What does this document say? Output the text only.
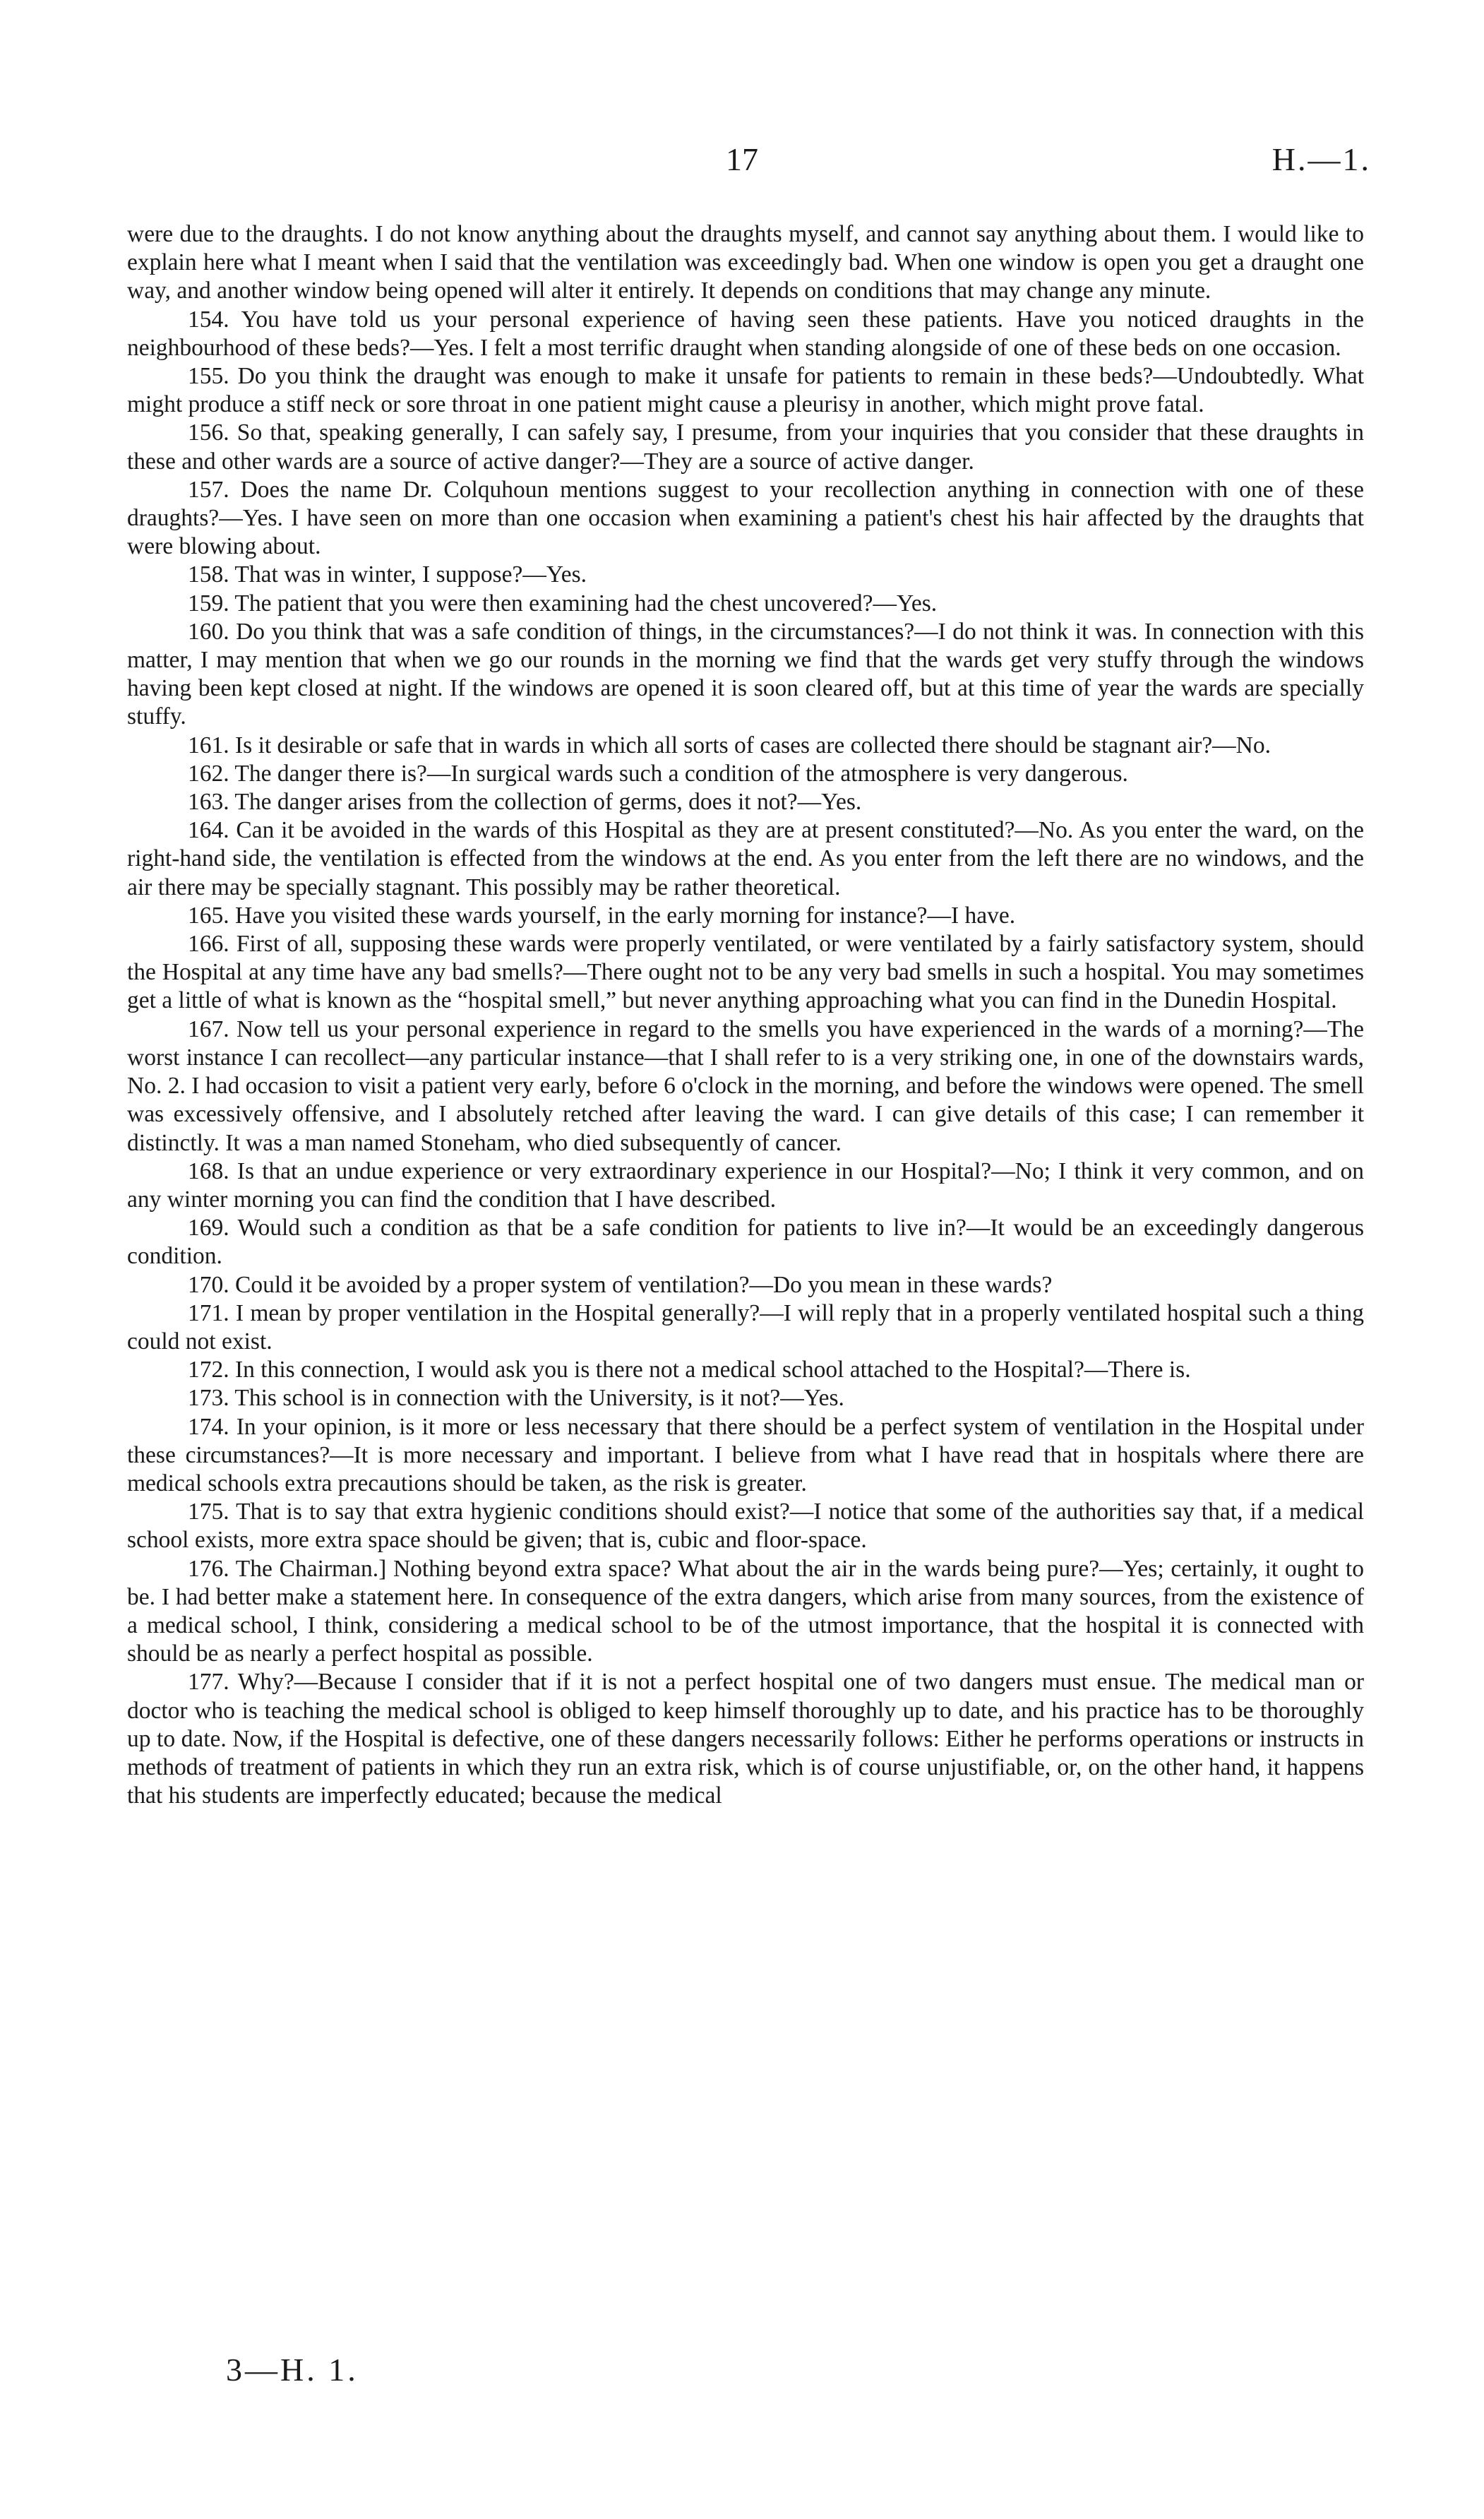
17	H.—1.

were due to the draughts. I do not know anything about the draughts myself, and cannot say anything about them. I would like to explain here what I meant when I said that the ventilation was exceedingly bad. When one window is open you get a draught one way, and another window being opened will alter it entirely. It depends on conditions that may change any minute.

154. You have told us your personal experience of having seen these patients. Have you noticed draughts in the neighbourhood of these beds?—Yes. I felt a most terrific draught when standing alongside of one of these beds on one occasion.

155. Do you think the draught was enough to make it unsafe for patients to remain in these beds?—Undoubtedly. What might produce a stiff neck or sore throat in one patient might cause a pleurisy in another, which might prove fatal.

156. So that, speaking generally, I can safely say, I presume, from your inquiries that you consider that these draughts in these and other wards are a source of active danger?—They are a source of active danger.

157. Does the name Dr. Colquhoun mentions suggest to your recollection anything in connection with one of these draughts?—Yes. I have seen on more than one occasion when examining a patient's chest his hair affected by the draughts that were blowing about.

158. That was in winter, I suppose?—Yes.

159. The patient that you were then examining had the chest uncovered?—Yes.

160. Do you think that was a safe condition of things, in the circumstances?—I do not think it was. In connection with this matter, I may mention that when we go our rounds in the morning we find that the wards get very stuffy through the windows having been kept closed at night. If the windows are opened it is soon cleared off, but at this time of year the wards are specially stuffy.

161. Is it desirable or safe that in wards in which all sorts of cases are collected there should be stagnant air?—No.

162. The danger there is?—In surgical wards such a condition of the atmosphere is very dangerous.

163. The danger arises from the collection of germs, does it not?—Yes.

164. Can it be avoided in the wards of this Hospital as they are at present constituted?—No. As you enter the ward, on the right-hand side, the ventilation is effected from the windows at the end. As you enter from the left there are no windows, and the air there may be specially stagnant. This possibly may be rather theoretical.

165. Have you visited these wards yourself, in the early morning for instance?—I have.

166. First of all, supposing these wards were properly ventilated, or were ventilated by a fairly satisfactory system, should the Hospital at any time have any bad smells?—There ought not to be any very bad smells in such a hospital. You may sometimes get a little of what is known as the “hospital smell,” but never anything approaching what you can find in the Dunedin Hospital.

167. Now tell us your personal experience in regard to the smells you have experienced in the wards of a morning?—The worst instance I can recollect—any particular instance—that I shall refer to is a very striking one, in one of the downstairs wards, No. 2. I had occasion to visit a patient very early, before 6 o'clock in the morning, and before the windows were opened. The smell was excessively offensive, and I absolutely retched after leaving the ward. I can give details of this case; I can remember it distinctly. It was a man named Stoneham, who died subsequently of cancer.

168. Is that an undue experience or very extraordinary experience in our Hospital?—No; I think it very common, and on any winter morning you can find the condition that I have described.

169. Would such a condition as that be a safe condition for patients to live in?—It would be an exceedingly dangerous condition.

170. Could it be avoided by a proper system of ventilation?—Do you mean in these wards?

171. I mean by proper ventilation in the Hospital generally?—I will reply that in a properly ventilated hospital such a thing could not exist.

172. In this connection, I would ask you is there not a medical school attached to the Hospital?—There is.

173. This school is in connection with the University, is it not?—Yes.

174. In your opinion, is it more or less necessary that there should be a perfect system of ventilation in the Hospital under these circumstances?—It is more necessary and important. I believe from what I have read that in hospitals where there are medical schools extra precautions should be taken, as the risk is greater.

175. That is to say that extra hygienic conditions should exist?—I notice that some of the authorities say that, if a medical school exists, more extra space should be given; that is, cubic and floor-space.

176. The Chairman.] Nothing beyond extra space? What about the air in the wards being pure?—Yes; certainly, it ought to be. I had better make a statement here. In consequence of the extra dangers, which arise from many sources, from the existence of a medical school, I think, considering a medical school to be of the utmost importance, that the hospital it is connected with should be as nearly a perfect hospital as possible.

177. Why?—Because I consider that if it is not a perfect hospital one of two dangers must ensue. The medical man or doctor who is teaching the medical school is obliged to keep himself thoroughly up to date, and his practice has to be thoroughly up to date. Now, if the Hospital is defective, one of these dangers necessarily follows: Either he performs operations or instructs in methods of treatment of patients in which they run an extra risk, which is of course unjustifiable, or, on the other hand, it happens that his students are imperfectly educated; because the medical

3—H. 1.
